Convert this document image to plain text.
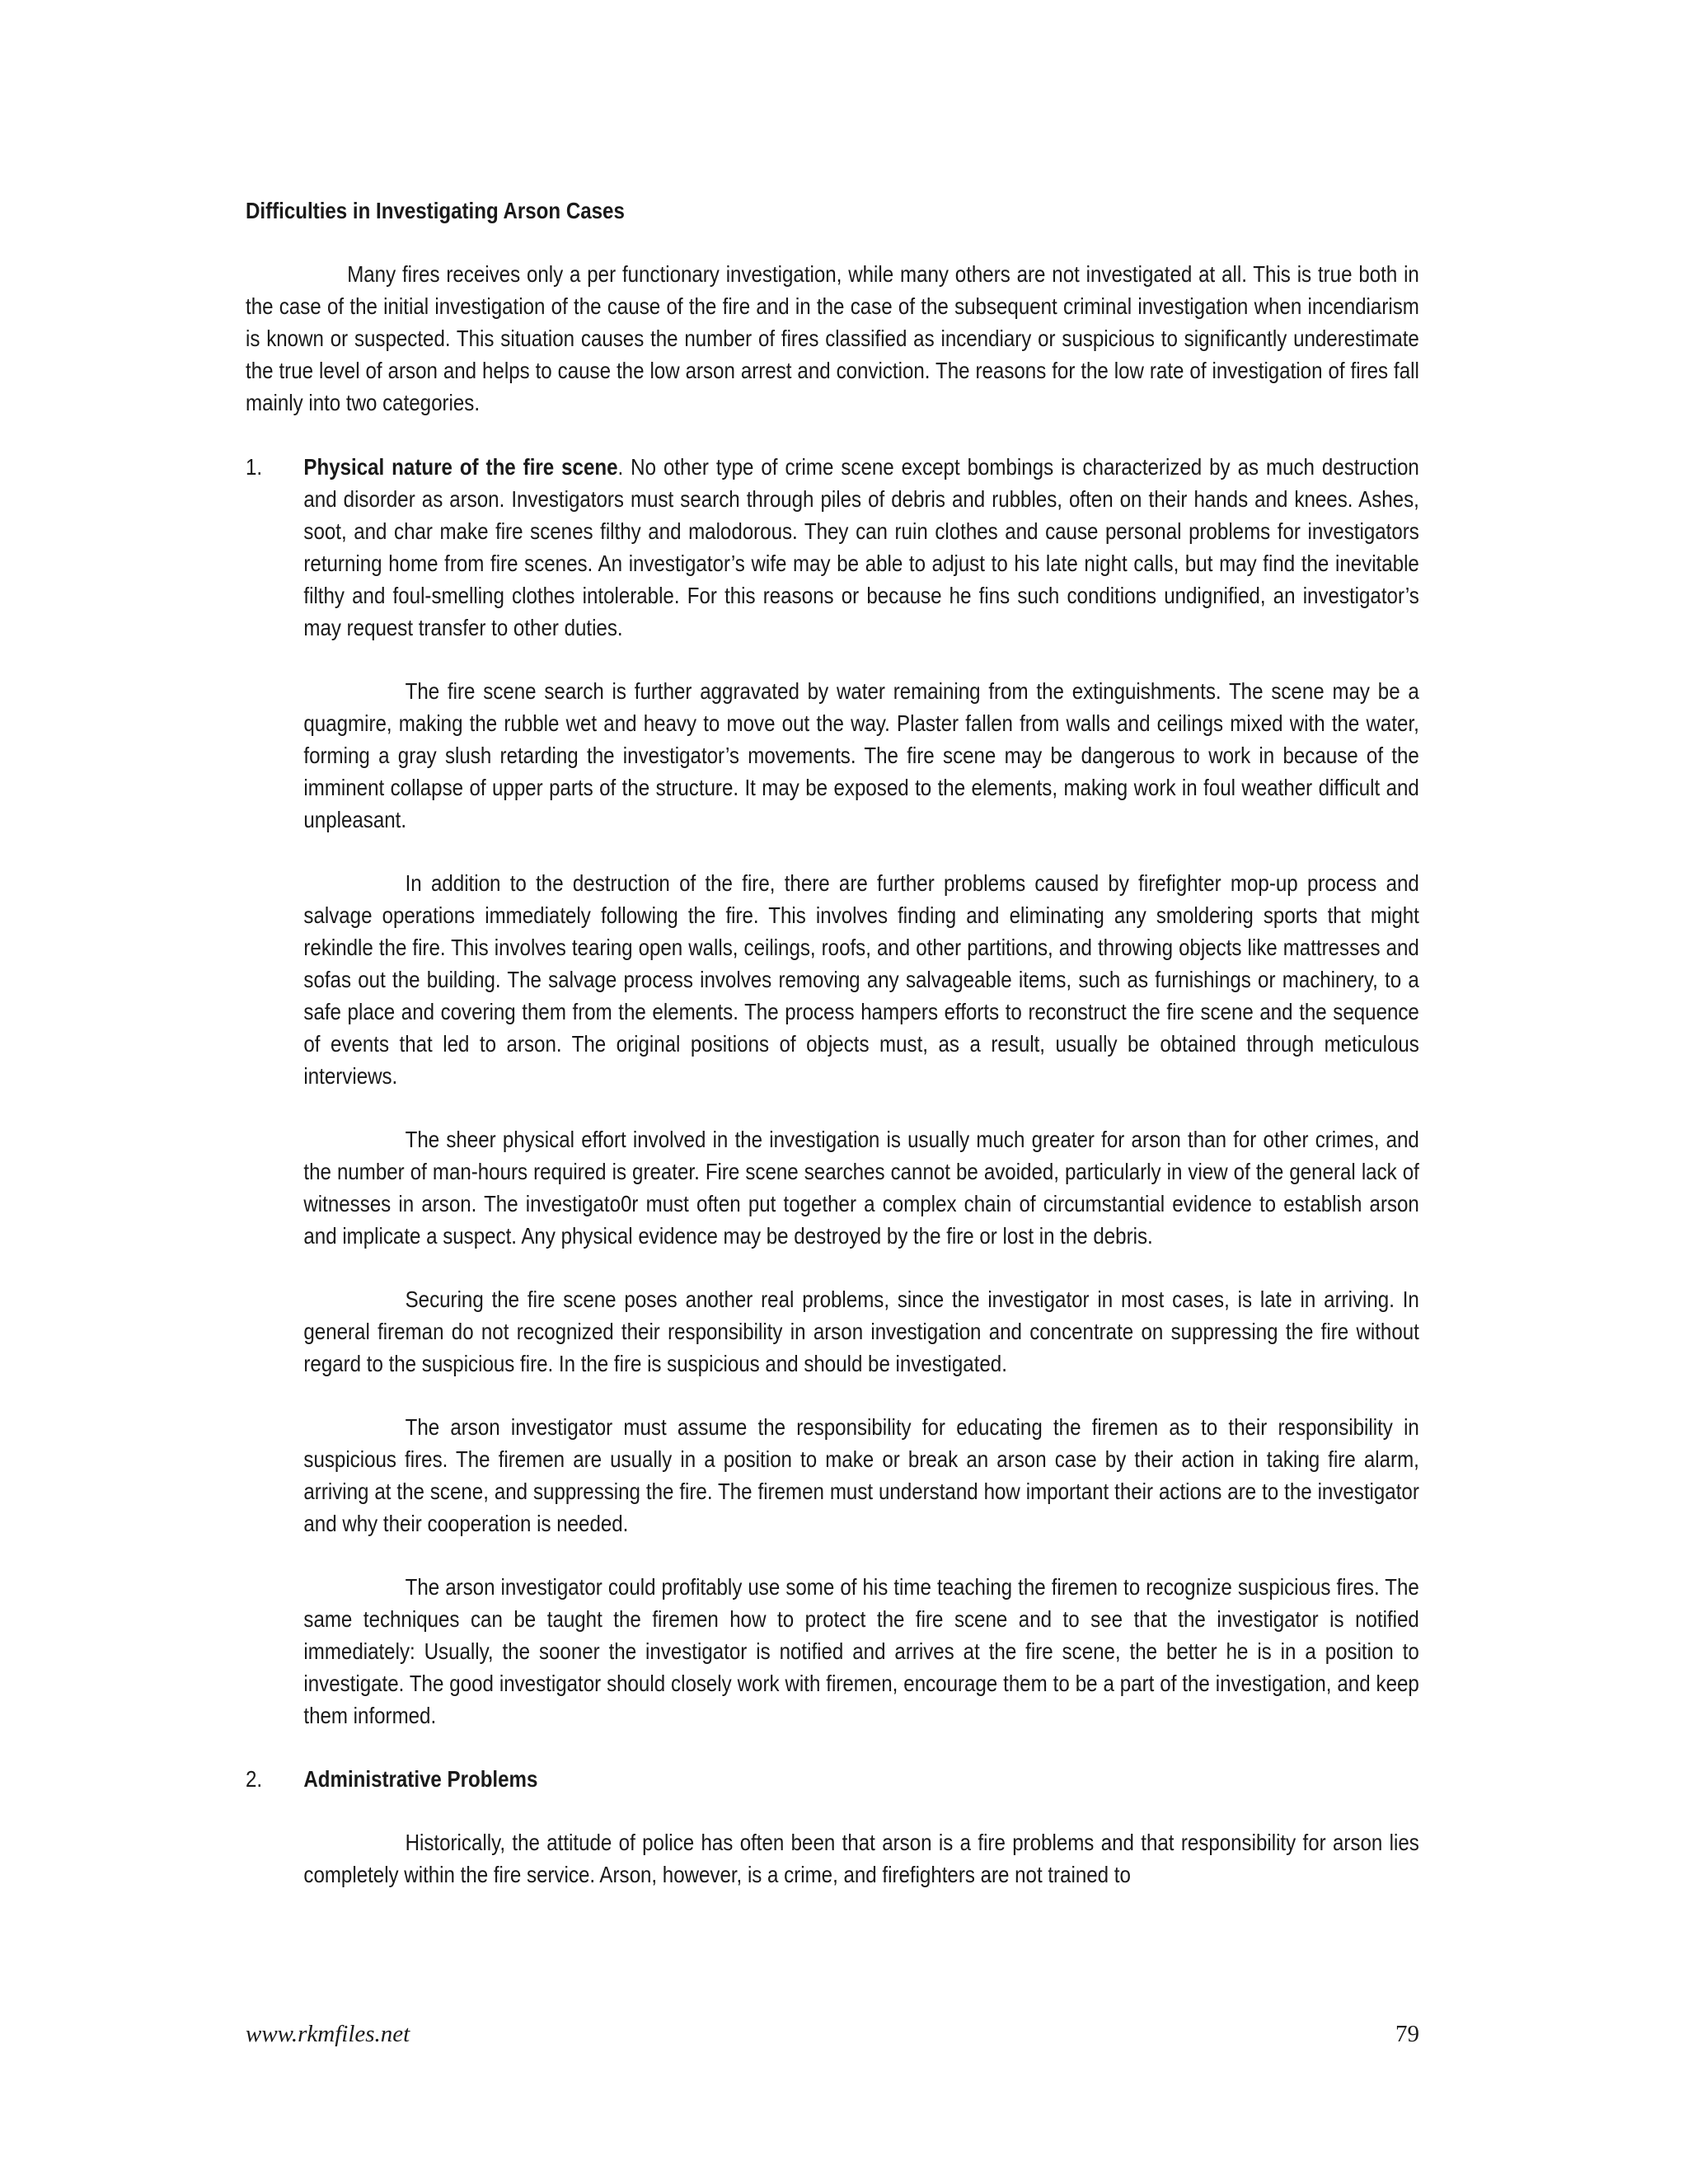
Difficulties in Investigating Arson Cases

Many fires receives only a per functionary investigation, while many others are not investigated at all. This is true both in the case of the initial investigation of the cause of the fire and in the case of the subsequent criminal investigation when incendiarism is known or suspected. This situation causes the number of fires classified as incendiary or suspicious to significantly underestimate the true level of arson and helps to cause the low arson arrest and conviction. The reasons for the low rate of investigation of fires fall mainly into two categories.

1.	Physical nature of the fire scene. No other type of crime scene except bombings is characterized by as much destruction and disorder as arson. Investigators must search through piles of debris and rubbles, often on their hands and knees. Ashes, soot, and char make fire scenes filthy and malodorous. They can ruin clothes and cause personal problems for investigators returning home from fire scenes. An investigator’s wife may be able to adjust to his late night calls, but may find the inevitable filthy and foul-smelling clothes intolerable. For this reasons or because he fins such conditions undignified, an investigator’s may request transfer to other duties.

The fire scene search is further aggravated by water remaining from the extinguishments. The scene may be a quagmire, making the rubble wet and heavy to move out the way. Plaster fallen from walls and ceilings mixed with the water, forming a gray slush retarding the investigator’s movements. The fire scene may be dangerous to work in because of the imminent collapse of upper parts of the structure. It may be exposed to the elements, making work in foul weather difficult and unpleasant.

In addition to the destruction of the fire, there are further problems caused by firefighter mop-up process and salvage operations immediately following the fire. This involves finding and eliminating any smoldering sports that might rekindle the fire. This involves tearing open walls, ceilings, roofs, and other partitions, and throwing objects like mattresses and sofas out the building. The salvage process involves removing any salvageable items, such as furnishings or machinery, to a safe place and covering them from the elements. The process hampers efforts to reconstruct the fire scene and the sequence of events that led to arson. The original positions of objects must, as a result, usually be obtained through meticulous interviews.

The sheer physical effort involved in the investigation is usually much greater for arson than for other crimes, and the number of man-hours required is greater. Fire scene searches cannot be avoided, particularly in view of the general lack of witnesses in arson. The investigato0r must often put together a complex chain of circumstantial evidence to establish arson and implicate a suspect. Any physical evidence may be destroyed by the fire or lost in the debris.

Securing the fire scene poses another real problems, since the investigator in most cases, is late in arriving. In general fireman do not recognized their responsibility in arson investigation and concentrate on suppressing the fire without regard to the suspicious fire. In the fire is suspicious and should be investigated.

The arson investigator must assume the responsibility for educating the firemen as to their responsibility in suspicious fires. The firemen are usually in a position to make or break an arson case by their action in taking fire alarm, arriving at the scene, and suppressing the fire. The firemen must understand how important their actions are to the investigator and why their cooperation is needed.

The arson investigator could profitably use some of his time teaching the firemen to recognize suspicious fires. The same techniques can be taught the firemen how to protect the fire scene and to see that the investigator is notified immediately: Usually, the sooner the investigator is notified and arrives at the fire scene, the better he is in a position to investigate. The good investigator should closely work with firemen, encourage them to be a part of the investigation, and keep them informed.

2.	Administrative Problems

Historically, the attitude of police has often been that arson is a fire problems and that responsibility for arson lies completely within the fire service. Arson, however, is a crime, and firefighters are not trained to

www.rkmfiles.net	79
